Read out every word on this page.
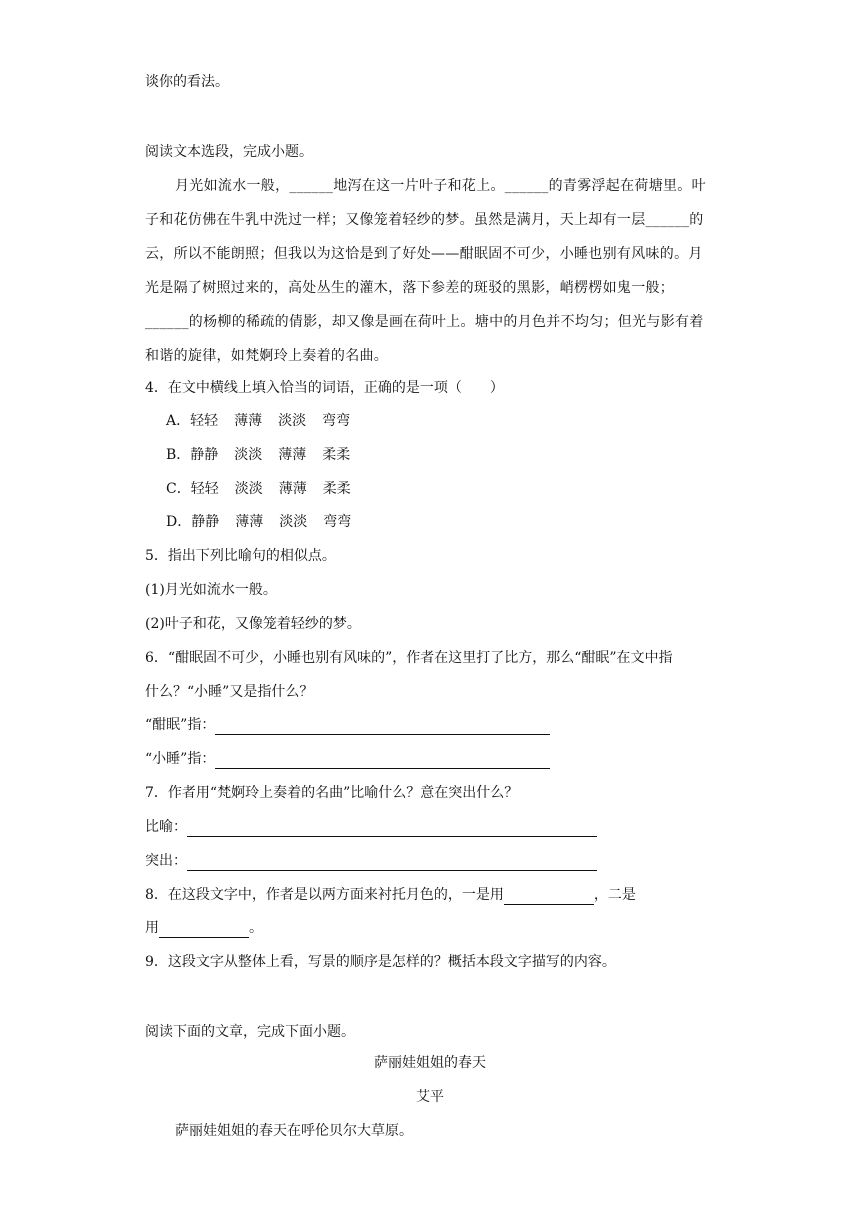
谈你的看法。
阅读文本选段，完成小题。
月光如流水一般，______地泻在这一片叶子和花上。______的青雾浮起在荷塘里。叶子和花仿佛在牛乳中洗过一样；又像笼着轻纱的梦。虽然是满月，天上却有一层______的云，所以不能朗照；但我以为这恰是到了好处——酣眠固不可少，小睡也别有风味的。月光是隔了树照过来的，高处丛生的灌木，落下参差的斑驳的黑影，峭楞楞如鬼一般；______的杨柳的稀疏的倩影，却又像是画在荷叶上。塘中的月色并不均匀；但光与影有着和谐的旋律，如梵婀玲上奏着的名曲。
4．在文中横线上填入恰当的词语，正确的是一项（　　）
A．轻轻 薄薄 淡淡 弯弯
B．静静 淡淡 薄薄 柔柔
C．轻轻 淡淡 薄薄 柔柔
D．静静 薄薄 淡淡 弯弯
5．指出下列比喻句的相似点。
(1)月光如流水一般。
(2)叶子和花，又像笼着轻纱的梦。
6．“酣眠固不可少，小睡也别有风味的”，作者在这里打了比方，那么“酣眠”在文中指
什么？“小睡”又是指什么？
“酣眠”指：
“小睡”指：
7．作者用“梵婀玲上奏着的名曲”比喻什么？意在突出什么？
比喻：
突出：
8．在这段文字中，作者是以两方面来衬托月色的，一是用	，二是
用	。
9．这段文字从整体上看，写景的顺序是怎样的？概括本段文字描写的内容。
阅读下面的文章，完成下面小题。
萨丽娃姐姐的春天
艾平
萨丽娃姐姐的春天在呼伦贝尔大草原。
